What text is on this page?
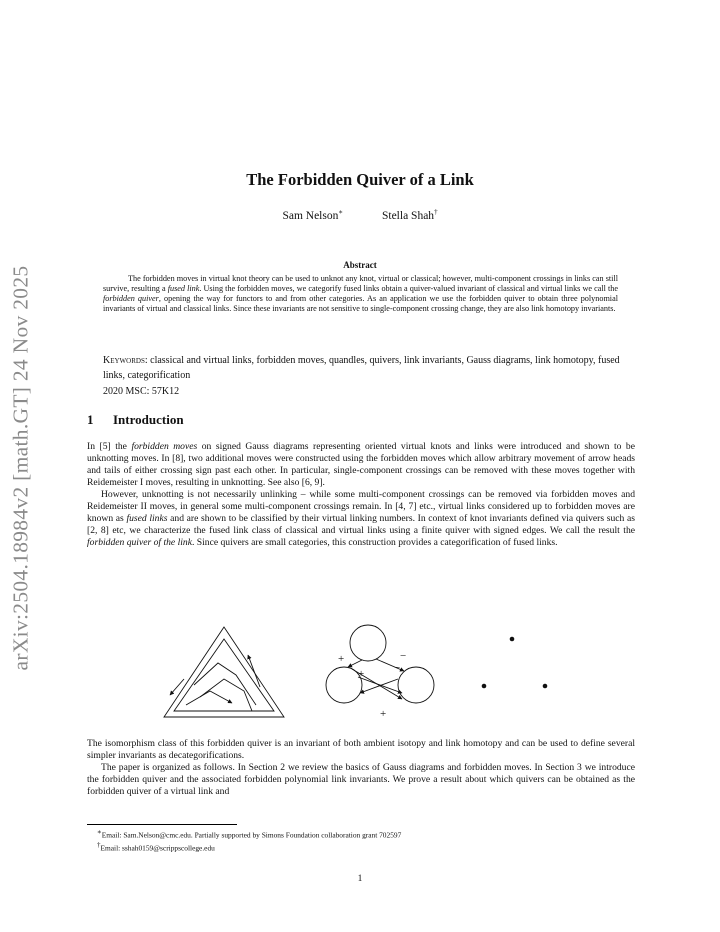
arXiv:2504.18984v2 [math.GT] 24 Nov 2025
The Forbidden Quiver of a Link
Sam Nelson∗	Stella Shah†
Abstract
The forbidden moves in virtual knot theory can be used to unknot any knot, virtual or classical; however, multi-component crossings in links can still survive, resulting a fused link. Using the forbidden moves, we categorify fused links obtain a quiver-valued invariant of classical and virtual links we call the forbidden quiver, opening the way for functors to and from other categories. As an application we use the forbidden quiver to obtain three polynomial invariants of virtual and classical links. Since these invariants are not sensitive to single-component crossing change, they are also link homotopy invariants.
Keywords: classical and virtual links, forbidden moves, quandles, quivers, link invariants, Gauss diagrams, link homotopy, fused links, categorification
2020 MSC: 57K12
1 Introduction

In [5] the forbidden moves on signed Gauss diagrams representing oriented virtual knots and links were introduced and shown to be unknotting moves. In [8], two additional moves were constructed using the forbidden moves which allow arbitrary movement of arrow heads and tails of either crossing sign past each other. In particular, single-component crossings can be removed with these moves together with Reidemeister I moves, resulting in unknotting. See also [6, 9].

However, unknotting is not necessarily unlinking – while some multi-component crossings can be removed via forbidden moves and Reidemeister II moves, in general some multi-component crossings remain. In [4, 7] etc., virtual links considered up to forbidden moves are known as fused links and are shown to be classified by their virtual linking numbers. In context of knot invariants defined via quivers such as [2, 8] etc, we characterize the fused link class of classical and virtual links using a finite quiver with signed edges. We call the result the forbidden quiver of the link. Since quivers are small categories, this construction provides a categorification of fused links.

+	−
+	−
+

The isomorphism class of this forbidden quiver is an invariant of both ambient isotopy and link homotopy and can be used to define several simpler invariants as decategorifications.

The paper is organized as follows. In Section 2 we review the basics of Gauss diagrams and forbidden moves. In Section 3 we introduce the forbidden quiver and the associated forbidden polynomial link invariants. We prove a result about which quivers can be obtained as the forbidden quiver of a virtual link and

∗Email: Sam.Nelson@cmc.edu. Partially supported by Simons Foundation collaboration grant 702597
†Email: sshah0159@scrippscollege.edu
1
